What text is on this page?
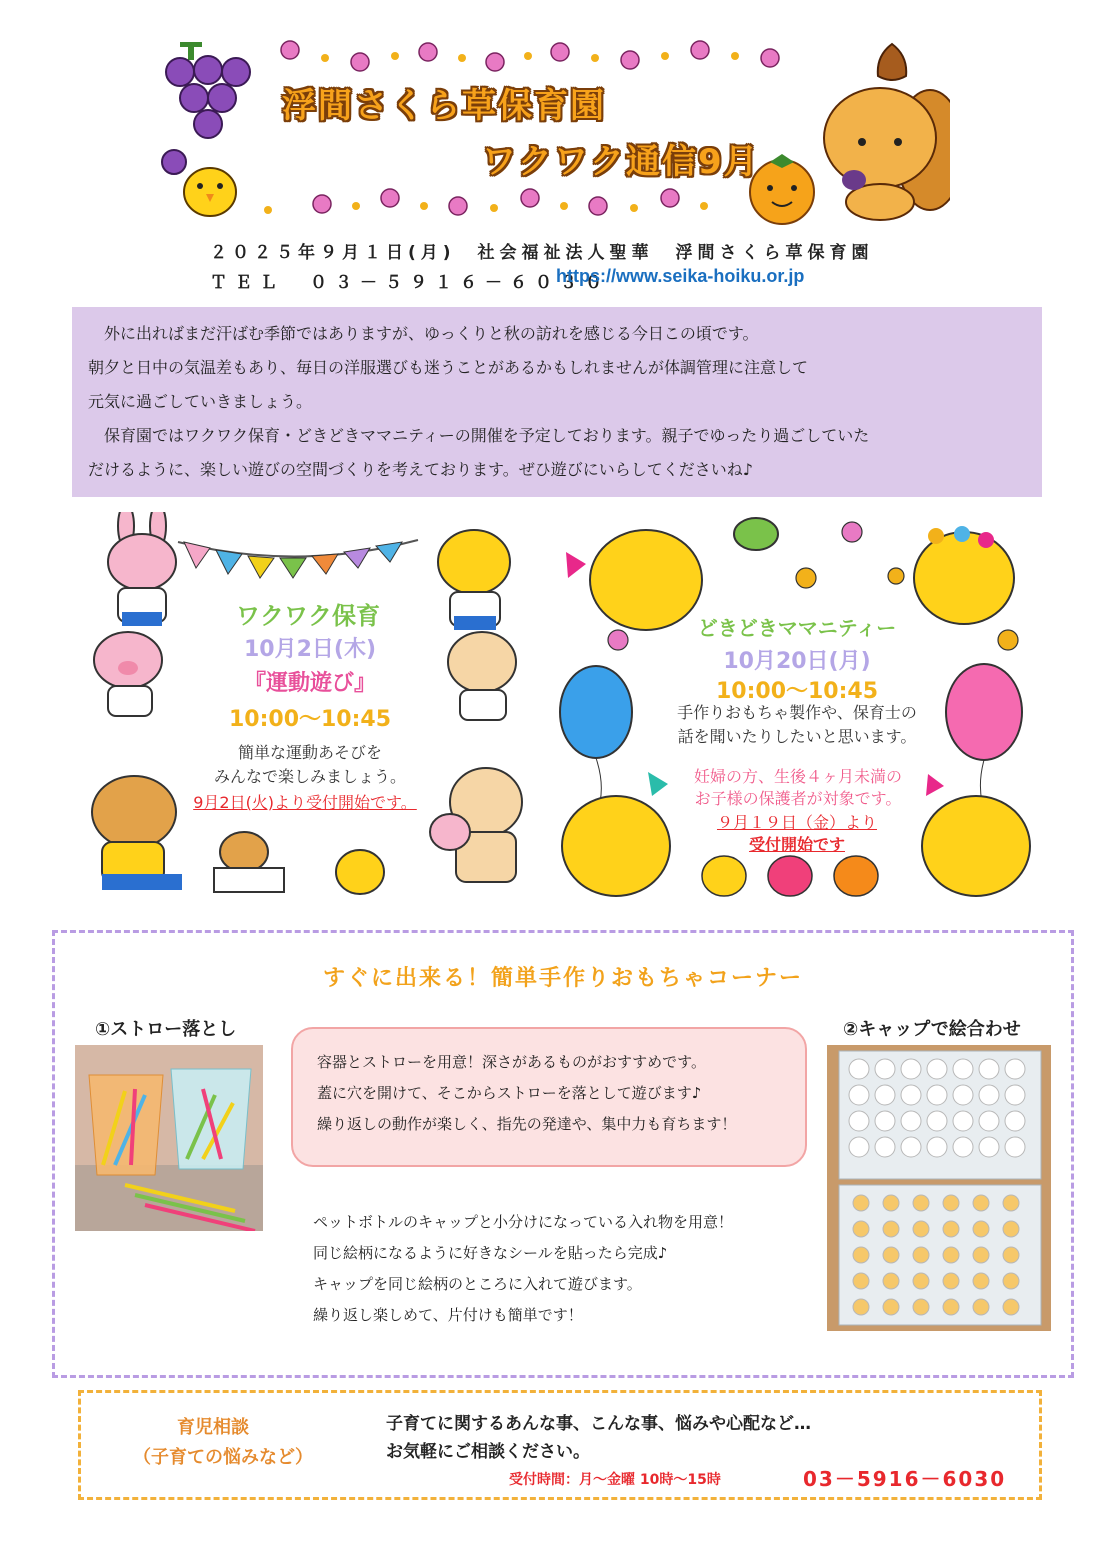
浮間さくら草保育園
ワクワク通信9月
２０２５年９月１日(月)　社会福祉法人聖華　浮間さくら草保育園
ＴＥＬ　０３－５９１６－６０３０
https://www.seika-hoiku.or.jp

　外に出ればまだ汗ばむ季節ではありますが、ゆっくりと秋の訪れを感じる今日この頃です。

朝夕と日中の気温差もあり、毎日の洋服選びも迷うことがあるかもしれませんが体調管理に注意して

元気に過ごしていきましょう。

　保育園ではワクワク保育・どきどきママニティーの開催を予定しております。親子でゆったり過ごしていた

だけるように、楽しい遊びの空間づくりを考えております。ぜひ遊びにいらしてくださいね♪

ワクワク保育
10月2日(木)
『運動遊び』
10:00～10:45
簡単な運動あそびを
みんなで楽しみましょう。
9月2日(火)より受付開始です。
どきどきママニティー
10月20日(月)
10:00～10:45
手作りおもちゃ製作や、保育士の
話を聞いたりしたいと思います。
妊婦の方、生後４ヶ月未満の
お子様の保護者が対象です。
９月１９日（金）より
受付開始です
すぐに出来る！簡単手作りおもちゃコーナー
①ストロー落とし	②キャップで絵合わせ

容器とストローを用意！深さがあるものがおすすめです。

蓋に穴を開けて、そこからストローを落として遊びます♪

繰り返しの動作が楽しく、指先の発達や、集中力も育ちます！

ペットボトルのキャップと小分けになっている入れ物を用意！

同じ絵柄になるように好きなシールを貼ったら完成♪

キャップを同じ絵柄のところに入れて遊びます。

繰り返し楽しめて、片付けも簡単です！

育児相談
（子育ての悩みなど）
子育てに関するあんな事、こんな事、悩みや心配など…
お気軽にご相談ください。
受付時間：月～金曜 10時～15時	03－5916－6030
